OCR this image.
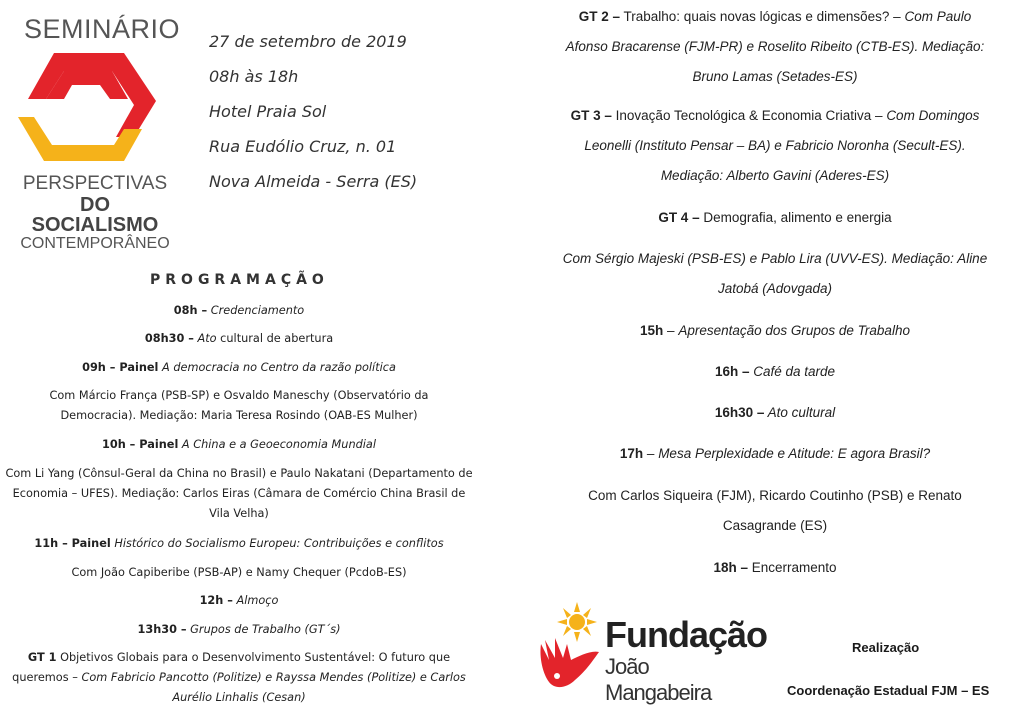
SEMINÁRIO
PERSPECTIVAS
DO SOCIALISMO
CONTEMPORÂNEO
27 de setembro de 2019
08h às 18h
Hotel Praia Sol
Rua Eudólio Cruz, n. 01
Nova Almeida - Serra (ES)
PROGRAMAÇÃO

08h – Credenciamento

08h30 – Ato cultural de abertura

09h – Painel A democracia no Centro da razão política

Com Márcio França (PSB-SP) e Osvaldo Maneschy (Observatório da Democracia). Mediação: Maria Teresa Rosindo (OAB-ES Mulher)

10h – Painel A China e a Geoeconomia Mundial

Com Li Yang (Cônsul-Geral da China no Brasil) e Paulo Nakatani (Departamento de Economia – UFES). Mediação: Carlos Eiras (Câmara de Comércio China Brasil de Vila Velha)

11h – Painel Histórico do Socialismo Europeu: Contribuições e conflitos

Com João Capiberibe (PSB-AP) e Namy Chequer (PcdoB-ES)

12h – Almoço

13h30 – Grupos de Trabalho (GT´s)

GT 1 Objetivos Globais para o Desenvolvimento Sustentável: O futuro que queremos – Com Fabricio Pancotto (Politize) e Rayssa Mendes (Politize) e Carlos Aurélio Linhalis (Cesan)

GT 2 – Trabalho: quais novas lógicas e dimensões? – Com Paulo Afonso Bracarense (FJM-PR) e Roselito Ribeito (CTB-ES). Mediação: Bruno Lamas (Setades-ES)

GT 3 – Inovação Tecnológica & Economia Criativa – Com Domingos Leonelli (Instituto Pensar – BA) e Fabricio Noronha (Secult-ES). Mediação: Alberto Gavini (Aderes-ES)

GT 4 – Demografia, alimento e energia

Com Sérgio Majeski (PSB-ES) e Pablo Lira (UVV-ES). Mediação: Aline Jatobá (Adovgada)

15h – Apresentação dos Grupos de Trabalho

16h – Café da tarde

16h30 – Ato cultural

17h – Mesa Perplexidade e Atitude: E agora Brasil?

Com Carlos Siqueira (FJM), Ricardo Coutinho (PSB) e Renato Casagrande (ES)

18h – Encerramento

Fundação
João Mangabeira
Realização
Coordenação Estadual FJM – ES
